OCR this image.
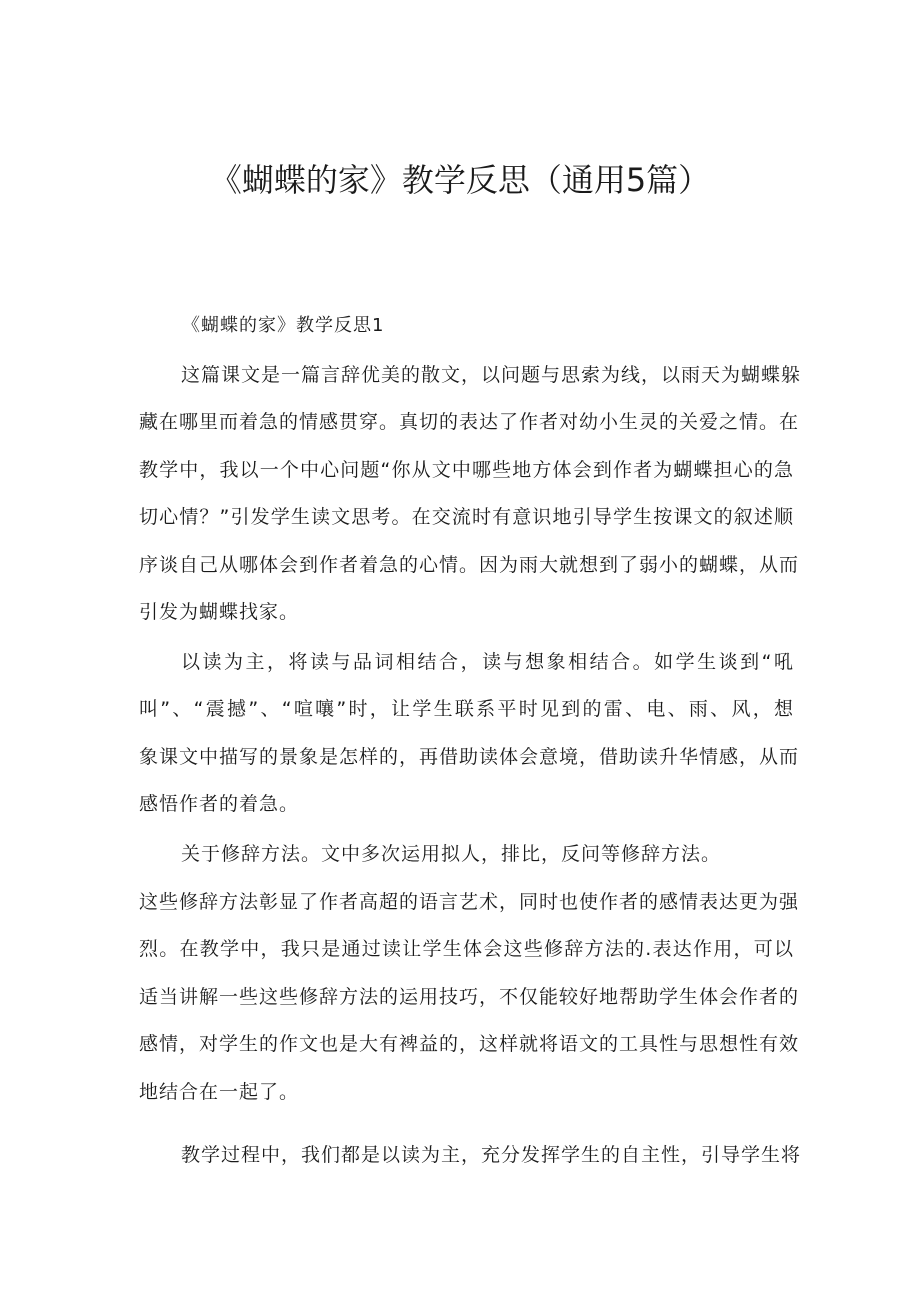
《蝴蝶的家》教学反思（通用5篇）
《蝴蝶的家》教学反思1
这篇课文是一篇言辞优美的散文，以问题与思索为线，以雨天为蝴蝶躲
藏在哪里而着急的情感贯穿。真切的表达了作者对幼小生灵的关爱之情。在
教学中，我以一个中心问题“你从文中哪些地方体会到作者为蝴蝶担心的急
切心情？”引发学生读文思考。在交流时有意识地引导学生按课文的叙述顺
序谈自己从哪体会到作者着急的心情。因为雨大就想到了弱小的蝴蝶，从而
引发为蝴蝶找家。
以读为主，将读与品词相结合，读与想象相结合。如学生谈到“吼
叫”、“震撼”、“喧嚷”时，让学生联系平时见到的雷、电、雨、风，想
象课文中描写的景象是怎样的，再借助读体会意境，借助读升华情感，从而
感悟作者的着急。
关于修辞方法。文中多次运用拟人，排比，反问等修辞方法。
这些修辞方法彰显了作者高超的语言艺术，同时也使作者的感情表达更为强
烈。在教学中，我只是通过读让学生体会这些修辞方法的.表达作用，可以
适当讲解一些这些修辞方法的运用技巧，不仅能较好地帮助学生体会作者的
感情，对学生的作文也是大有裨益的，这样就将语文的工具性与思想性有效
地结合在一起了。
教学过程中，我们都是以读为主，充分发挥学生的自主性，引导学生将
